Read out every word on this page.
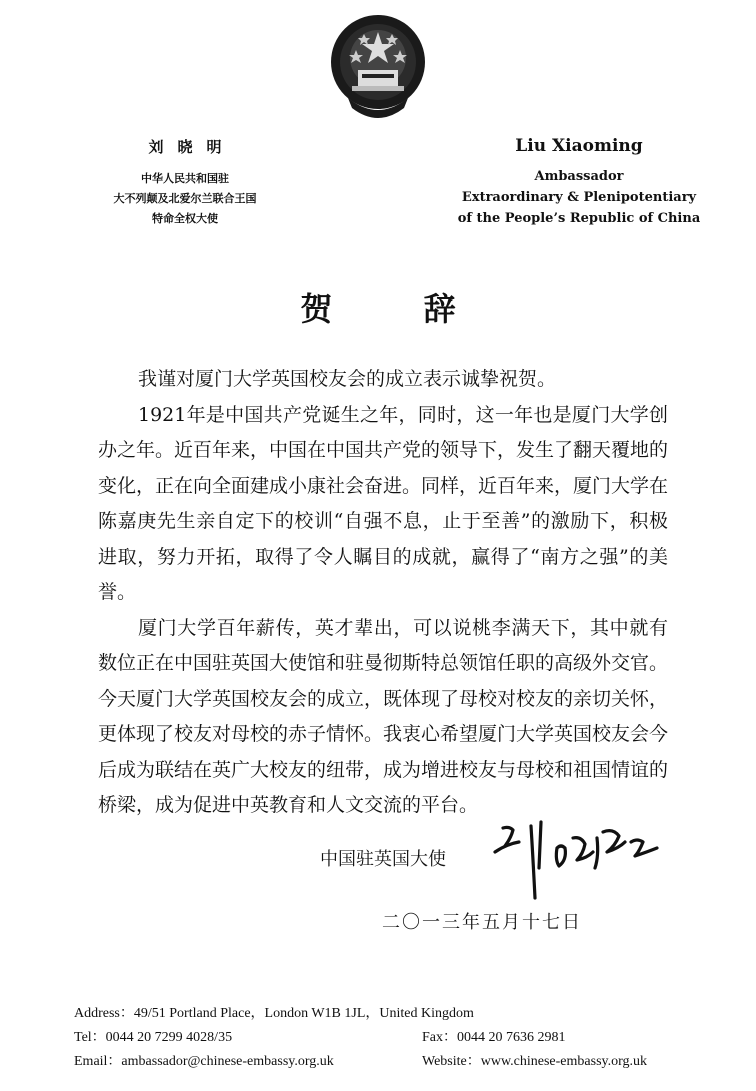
刘晓明
中华人民共和国驻
大不列颠及北爱尔兰联合王国
特命全权大使
Liu Xiaoming
Ambassador
Extraordinary & Plenipotentiary
of the People’s Republic of China
贺 辞

我谨对厦门大学英国校友会的成立表示诚挚祝贺。

1921年是中国共产党诞生之年，同时，这一年也是厦门大学创办之年。近百年来，中国在中国共产党的领导下，发生了翻天覆地的变化，正在向全面建成小康社会奋进。同样，近百年来，厦门大学在陈嘉庚先生亲自定下的校训“自强不息，止于至善”的激励下，积极进取，努力开拓，取得了令人瞩目的成就，赢得了“南方之强”的美誉。

厦门大学百年薪传，英才辈出，可以说桃李满天下，其中就有数位正在中国驻英国大使馆和驻曼彻斯特总领馆任职的高级外交官。今天厦门大学英国校友会的成立，既体现了母校对校友的亲切关怀，更体现了校友对母校的赤子情怀。我衷心希望厦门大学英国校友会今后成为联结在英广大校友的纽带，成为增进校友与母校和祖国情谊的桥梁，成为促进中英教育和人文交流的平台。

中国驻英国大使
二〇一三年五月十七日
Address：49/51 Portland Place，London W1B 1JL，United Kingdom
Tel：0044 20 7299 4028/35	Fax：0044 20 7636 2981
Email：ambassador@chinese-embassy.org.uk	Website：www.chinese-embassy.org.uk
